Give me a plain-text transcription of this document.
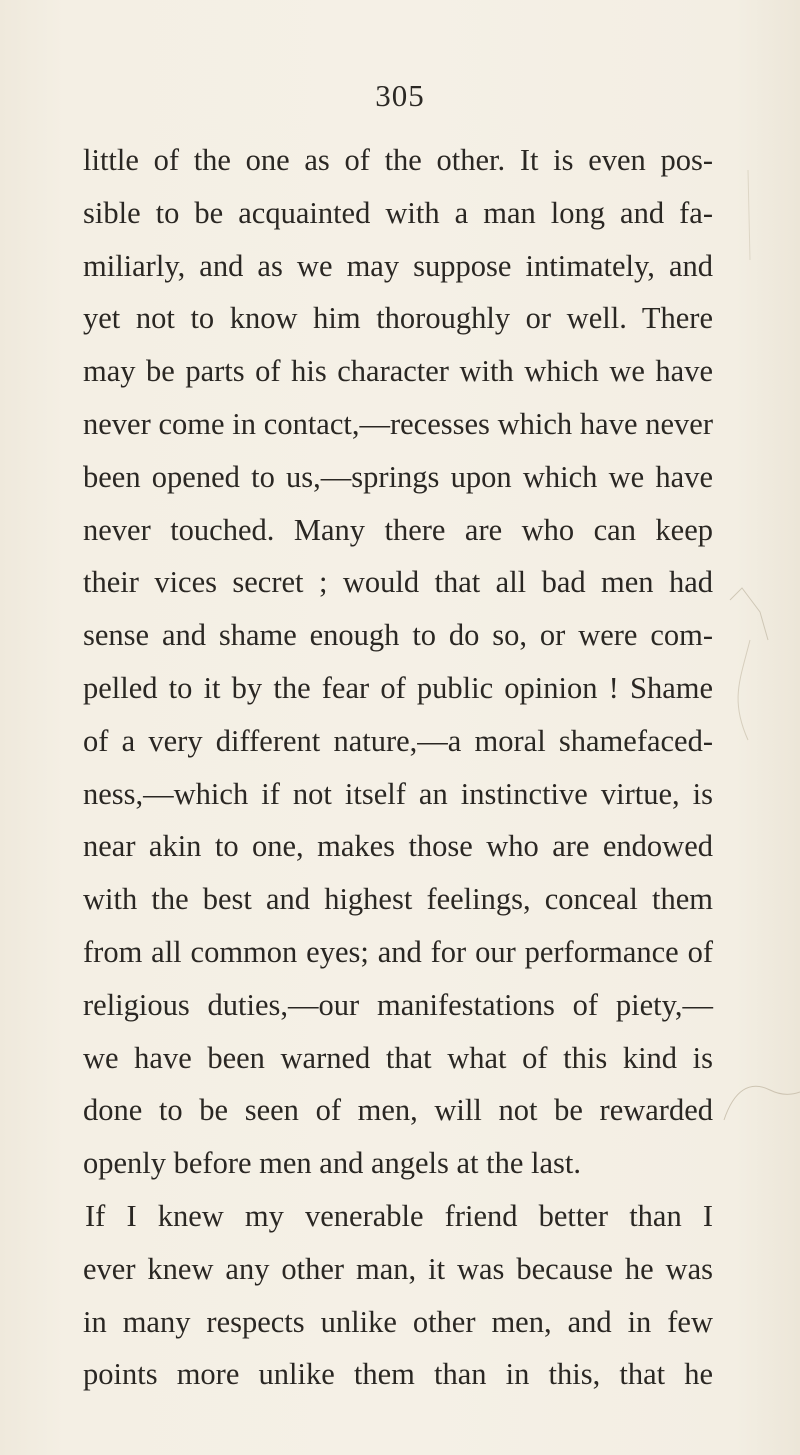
305
little of the one as of the other. It is even pos-
sible to be acquainted with a man long and fa-
miliarly, and as we may suppose intimately, and
yet not to know him thoroughly or well. There
may be parts of his character with which we have
never come in contact,—recesses which have never
been opened to us,—springs upon which we have
never touched. Many there are who can keep
their vices secret ; would that all bad men had
sense and shame enough to do so, or were com-
pelled to it by the fear of public opinion ! Shame
of a very different nature,—a moral shamefaced-
ness,—which if not itself an instinctive virtue, is
near akin to one, makes those who are endowed
with the best and highest feelings, conceal them
from all common eyes; and for our performance of
religious duties,—our manifestations of piety,—
we have been warned that what of this kind is
done to be seen of men, will not be rewarded
openly before men and angels at the last.
If I knew my venerable friend better than I
ever knew any other man, it was because he was
in many respects unlike other men, and in few
points more unlike them than in this, that he
